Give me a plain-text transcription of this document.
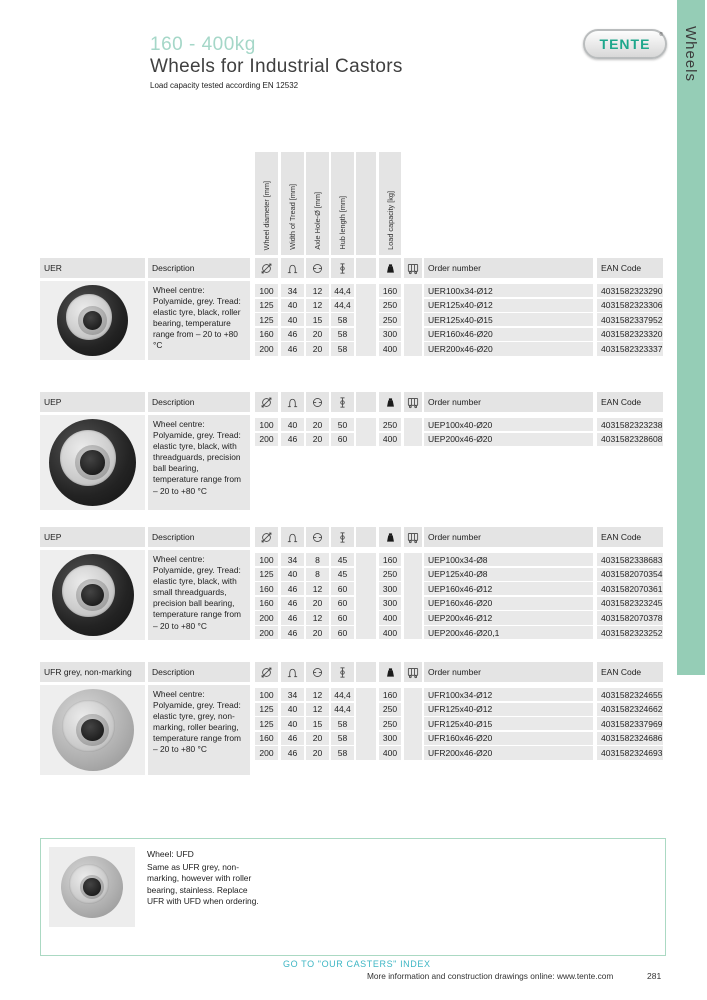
160 - 400kg
Wheels for Industrial Castors
Load capacity tested according EN 12532
TENTE
® Wheels
Wheel diameter [mm] Width of Tread [mm] Axle Hole-Ø [mm] Hub length [mm]	Load capacity [kg]
UER	Description	Order number	EAN Code
Wheel centre: Polyamide, grey. Tread: elastic tyre, black, roller bearing, temperature range from – 20 to +80 °C
100	34	12	44,4	160	UER100x34-Ø12	4031582323290
125	40	12	44,4	250	UER125x40-Ø12	4031582323306
125	40	15	58	250	UER125x40-Ø15	4031582337952
160	46	20	58	300	UER160x46-Ø20	4031582323320
200	46	20	58	400	UER200x46-Ø20	4031582323337
UEP	Description	Order number	EAN Code
Wheel centre: Polyamide, grey. Tread: elastic tyre, black, with threadguards, precision ball bearing, temperature range from – 20 to +80 °C
100	40	20	50	250	UEP100x40-Ø20	4031582323238
200	46	20	60	400	UEP200x46-Ø20	4031582328608
UEP	Description	Order number	EAN Code
Wheel centre: Polyamide, grey. Tread: elastic tyre, black, with small threadguards, precision ball bearing, temperature range from – 20 to +80 °C
100	34	8	45	160	UEP100x34-Ø8	4031582338683
125	40	8	45	250	UEP125x40-Ø8	4031582070354
160	46	12	60	300	UEP160x46-Ø12	4031582070361
160	46	20	60	300	UEP160x46-Ø20	4031582323245
200	46	12	60	400	UEP200x46-Ø12	4031582070378
200	46	20	60	400	UEP200x46-Ø20,1	4031582323252
UFR grey, non-marking	Description	Order number	EAN Code
Wheel centre: Polyamide, grey. Tread: elastic tyre, grey, non-marking, roller bearing, temperature range from – 20 to +80 °C
100	34	12	44,4	160	UFR100x34-Ø12	4031582324655
125	40	12	44,4	250	UFR125x40-Ø12	4031582324662
125	40	15	58	250	UFR125x40-Ø15	4031582337969
160	46	20	58	300	UFR160x46-Ø20	4031582324686
200	46	20	58	400	UFR200x46-Ø20	4031582324693
Wheel: UFD
Same as UFR grey, non-marking, however with roller bearing, stainless. Replace UFR with UFD when ordering.
GO TO "OUR CASTERS" INDEX
More information and construction drawings online: www.tente.com	281
